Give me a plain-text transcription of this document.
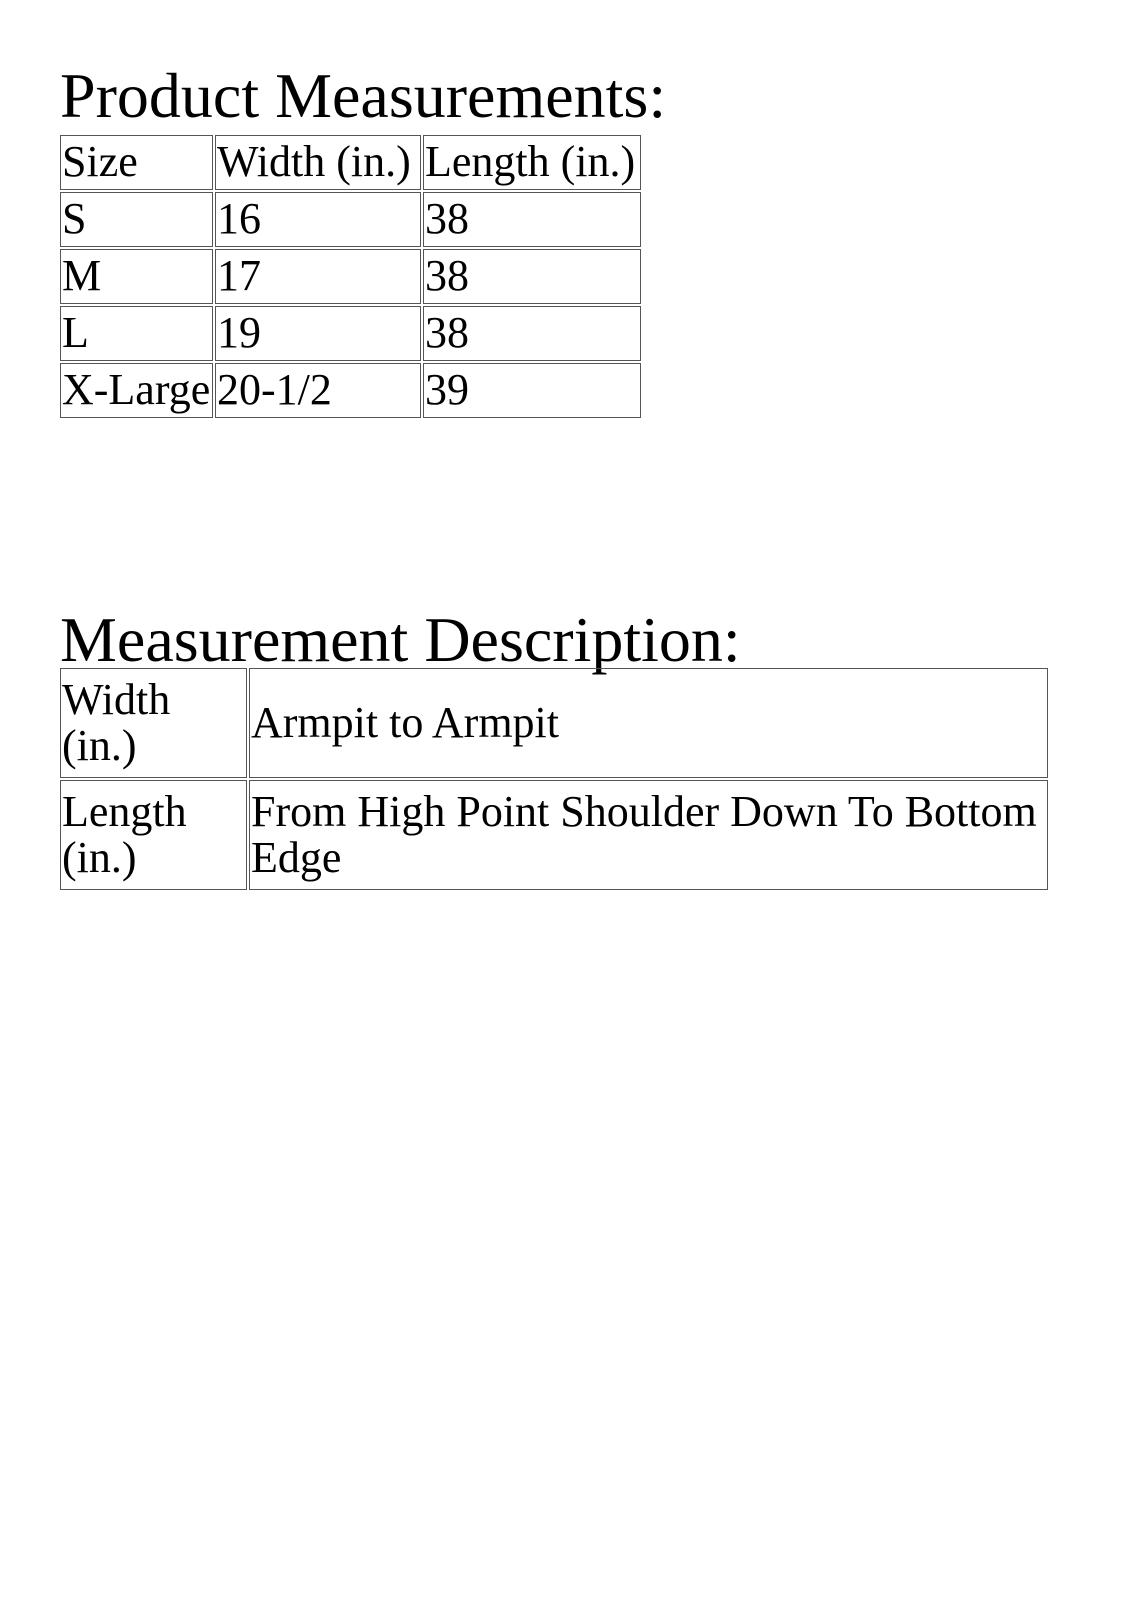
Product Measurements:
Size	Width (in.)	Length (in.)
S	16	38
M	17	38
L	19	38
X-Large	20-1/2	39
Measurement Description:
Width (in.)	Armpit to Armpit
Length (in.)	From High Point Shoulder Down To Bottom Edge
